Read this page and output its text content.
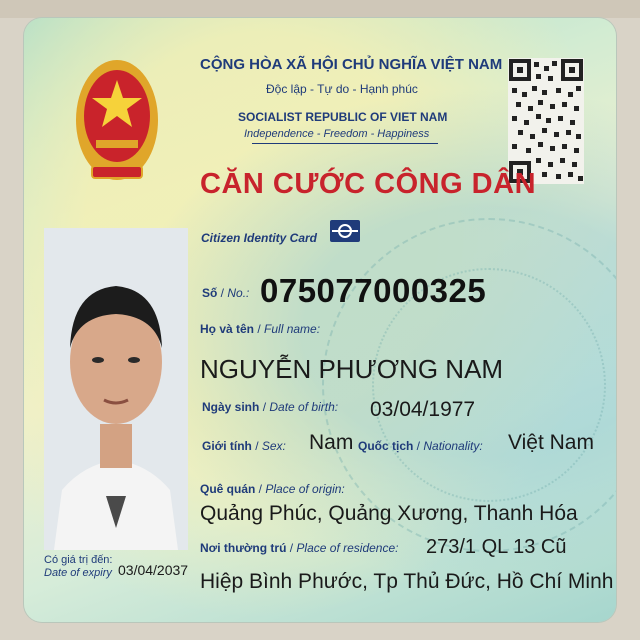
CỘNG HÒA XÃ HỘI CHỦ NGHĨA VIỆT NAM
Độc lập - Tự do - Hạnh phúc
SOCIALIST REPUBLIC OF VIET NAM
Independence - Freedom - Happiness
CĂN CƯỚC CÔNG DÂN
Citizen Identity Card
Số / No.: 075077000325
Họ và tên / Full name:
NGUYỄN PHƯƠNG NAM
Ngày sinh / Date of birth: 03/04/1977
Giới tính / Sex: Nam Quốc tịch / Nationality: Việt Nam
Quê quán / Place of origin:
Quảng Phúc, Quảng Xương, Thanh Hóa
Nơi thường trú / Place of residence: 273/1 QL 13 Cũ
Hiệp Bình Phước, Tp Thủ Đức, Hồ Chí Minh
Có giá trị đến:
Date of expiry 03/04/2037
